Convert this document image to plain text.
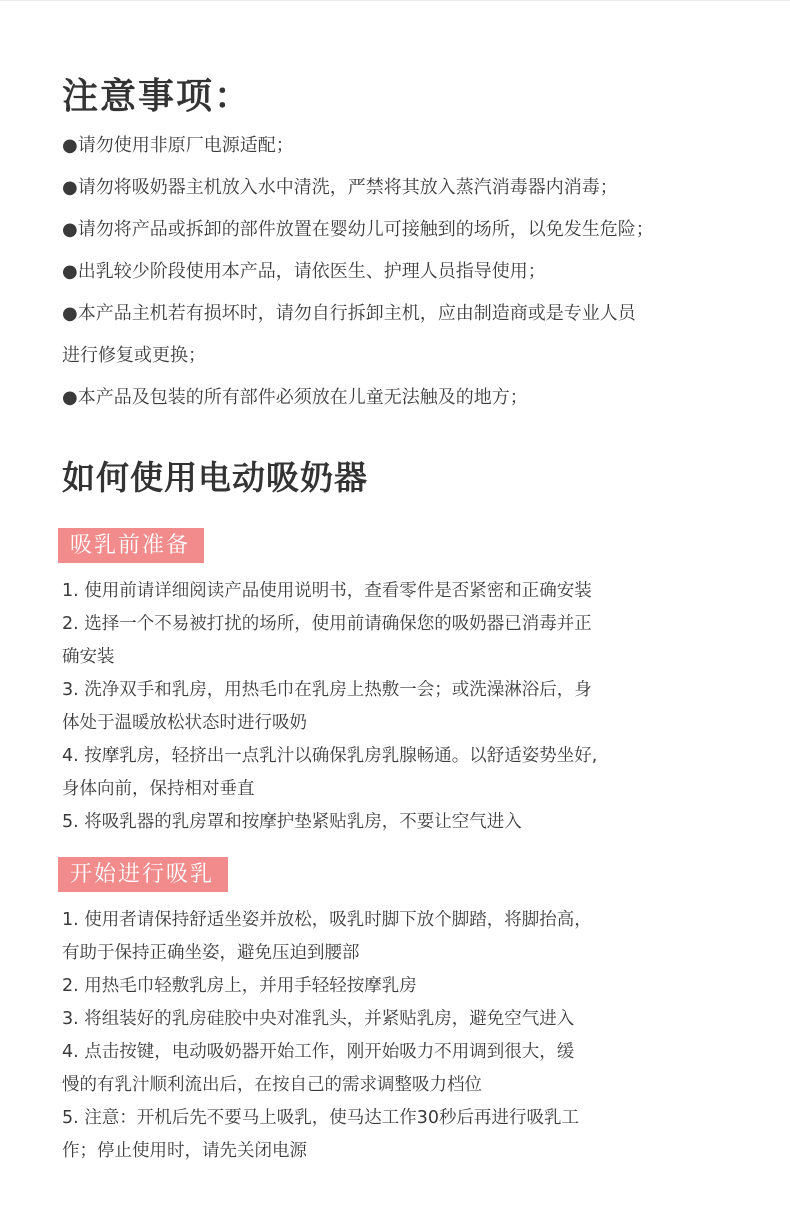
注意事项：
●请勿使用非原厂电源适配；
●请勿将吸奶器主机放入水中清洗，严禁将其放入蒸汽消毒器内消毒；
●请勿将产品或拆卸的部件放置在婴幼儿可接触到的场所，以免发生危险；
●出乳较少阶段使用本产品，请依医生、护理人员指导使用；
●本产品主机若有损坏时，请勿自行拆卸主机，应由制造商或是专业人员
进行修复或更换；
●本产品及包装的所有部件必须放在儿童无法触及的地方；
如何使用电动吸奶器
吸乳前准备
1. 使用前请详细阅读产品使用说明书，查看零件是否紧密和正确安装
2. 选择一个不易被打扰的场所，使用前请确保您的吸奶器已消毒并正
确安装
3. 洗净双手和乳房，用热毛巾在乳房上热敷一会；或洗澡淋浴后，身
体处于温暖放松状态时进行吸奶
4. 按摩乳房，轻挤出一点乳汁以确保乳房乳腺畅通。以舒适姿势坐好,
身体向前，保持相对垂直
5. 将吸乳器的乳房罩和按摩护垫紧贴乳房，不要让空气进入
开始进行吸乳
1. 使用者请保持舒适坐姿并放松，吸乳时脚下放个脚踏，将脚抬高，
有助于保持正确坐姿，避免压迫到腰部
2. 用热毛巾轻敷乳房上，并用手轻轻按摩乳房
3. 将组装好的乳房硅胶中央对准乳头，并紧贴乳房，避免空气进入
4. 点击按键，电动吸奶器开始工作，刚开始吸力不用调到很大，缓
慢的有乳汁顺利流出后，在按自己的需求调整吸力档位
5. 注意：开机后先不要马上吸乳，使马达工作30秒后再进行吸乳工
作；停止使用时，请先关闭电源
